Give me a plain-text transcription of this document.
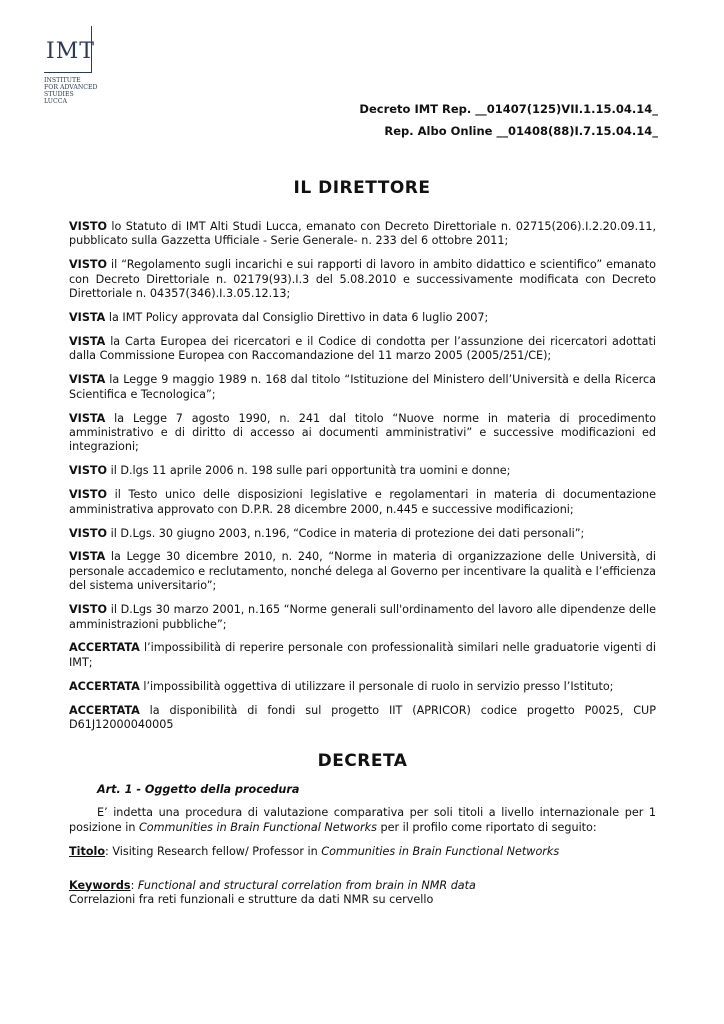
IMT
INSTITUTE
FOR ADVANCED
STUDIES
LUCCA
Decreto IMT Rep. __01407(125)VII.1.15.04.14_
Rep. Albo Online __01408(88)I.7.15.04.14_
IL DIRETTORE

VISTO lo Statuto di IMT Alti Studi Lucca, emanato con Decreto Direttoriale n. 02715(206).I.2.20.09.11, pubblicato sulla Gazzetta Ufficiale - Serie Generale- n. 233 del 6 ottobre 2011;

VISTO il “Regolamento sugli incarichi e sui rapporti di lavoro in ambito didattico e scientifico” emanato con Decreto Direttoriale n. 02179(93).I.3 del 5.08.2010 e successivamente modificata con Decreto Direttoriale n. 04357(346).I.3.05.12.13;

VISTA la IMT Policy approvata dal Consiglio Direttivo in data 6 luglio 2007;

VISTA la Carta Europea dei ricercatori e il Codice di condotta per l’assunzione dei ricercatori adottati dalla Commissione Europea con Raccomandazione del 11 marzo 2005 (2005/251/CE);

VISTA la Legge 9 maggio 1989 n. 168 dal titolo “Istituzione del Ministero dell’Università e della Ricerca Scientifica e Tecnologica”;

VISTA la Legge 7 agosto 1990, n. 241 dal titolo “Nuove norme in materia di procedimento amministrativo e di diritto di accesso ai documenti amministrativi” e successive modificazioni ed integrazioni;

VISTO il D.lgs 11 aprile 2006 n. 198 sulle pari opportunità tra uomini e donne;

VISTO il Testo unico delle disposizioni legislative e regolamentari in materia di documentazione amministrativa approvato con D.P.R. 28 dicembre 2000, n.445 e successive modificazioni;

VISTO il D.Lgs. 30 giugno 2003, n.196, “Codice in materia di protezione dei dati personali”;

VISTA la Legge 30 dicembre 2010, n. 240, “Norme in materia di organizzazione delle Università, di personale accademico e reclutamento, nonché delega al Governo per incentivare la qualità e l’efficienza del sistema universitario”;

VISTO il D.Lgs 30 marzo 2001, n.165 “Norme generali sull'ordinamento del lavoro alle dipendenze delle amministrazioni pubbliche”;

ACCERTATA l’impossibilità di reperire personale con professionalità similari nelle graduatorie vigenti di IMT;

ACCERTATA l’impossibilità oggettiva di utilizzare il personale di ruolo in servizio presso l’Istituto;

ACCERTATA la disponibilità di fondi sul progetto IIT (APRICOR) codice progetto P0025, CUP D61J12000040005

DECRETA
Art. 1 - Oggetto della procedura

E’ indetta una procedura di valutazione comparativa per soli titoli a livello internazionale per 1 posizione in Communities in Brain Functional Networks per il profilo come riportato di seguito:

Titolo: Visiting Research fellow/ Professor in Communities in Brain Functional Networks

Keywords: Functional and structural correlation from brain in NMR data
Correlazioni fra reti funzionali e strutture da dati NMR su cervello
